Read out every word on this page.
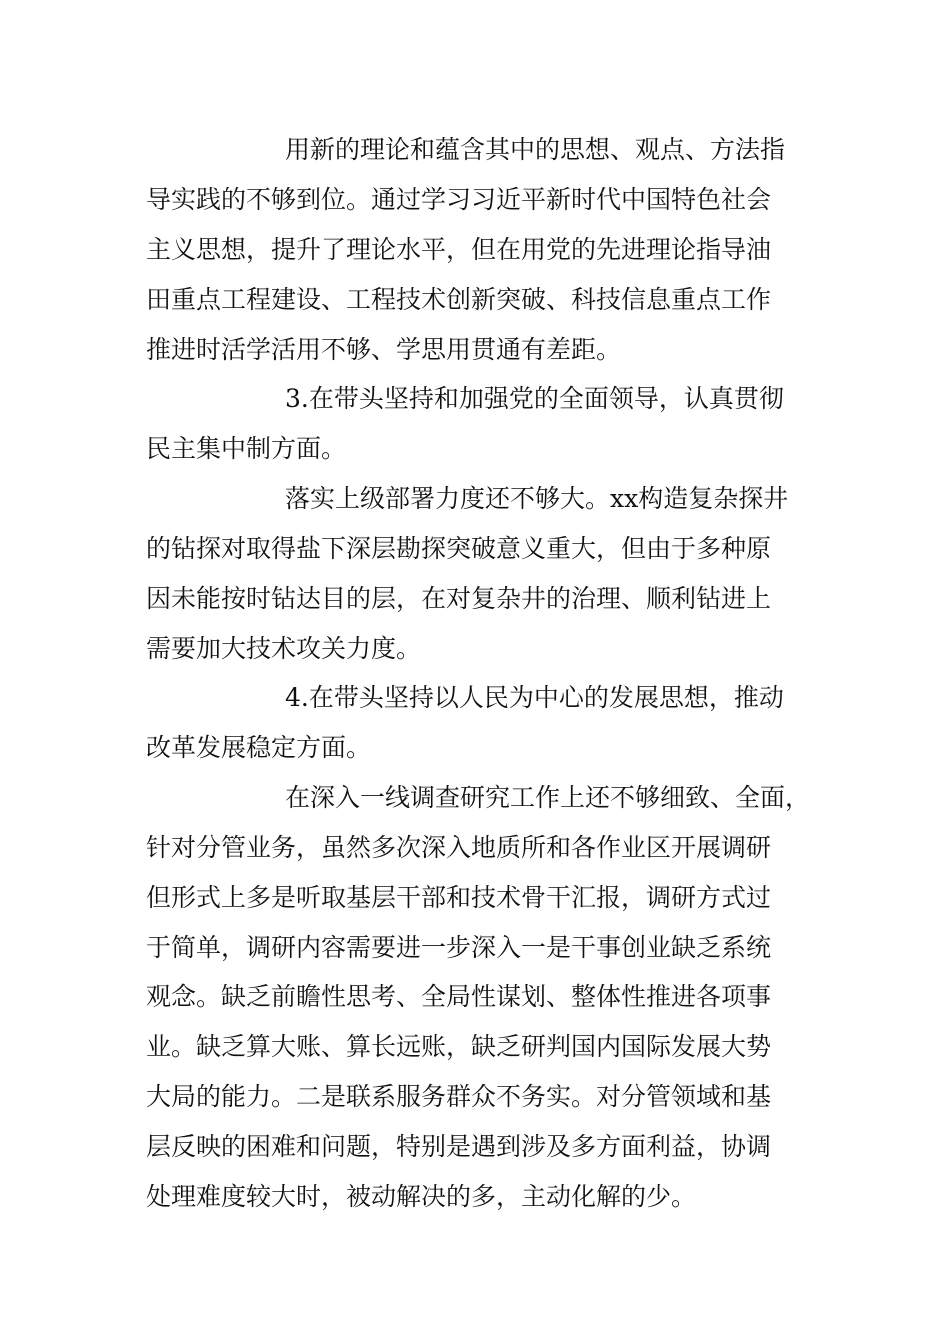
用新的理论和蕴含其中的思想、观点、方法指
导实践的不够到位。通过学习习近平新时代中国特色社会
主义思想，提升了理论水平，但在用党的先进理论指导油
田重点工程建设、工程技术创新突破、科技信息重点工作
推进时活学活用不够、学思用贯通有差距。
3.在带头坚持和加强党的全面领导，认真贯彻
民主集中制方面。
落实上级部署力度还不够大。xx构造复杂探井
的钻探对取得盐下深层勘探突破意义重大，但由于多种原
因未能按时钻达目的层，在对复杂井的治理、顺利钻进上
需要加大技术攻关力度。
4.在带头坚持以人民为中心的发展思想，推动
改革发展稳定方面。
在深入一线调查研究工作上还不够细致、全面，
针对分管业务，虽然多次深入地质所和各作业区开展调研
但形式上多是听取基层干部和技术骨干汇报，调研方式过
于简单，调研内容需要进一步深入一是干事创业缺乏系统
观念。缺乏前瞻性思考、全局性谋划、整体性推进各项事
业。缺乏算大账、算长远账，缺乏研判国内国际发展大势
大局的能力。二是联系服务群众不务实。对分管领域和基
层反映的困难和问题，特别是遇到涉及多方面利益，协调
处理难度较大时，被动解决的多，主动化解的少。
